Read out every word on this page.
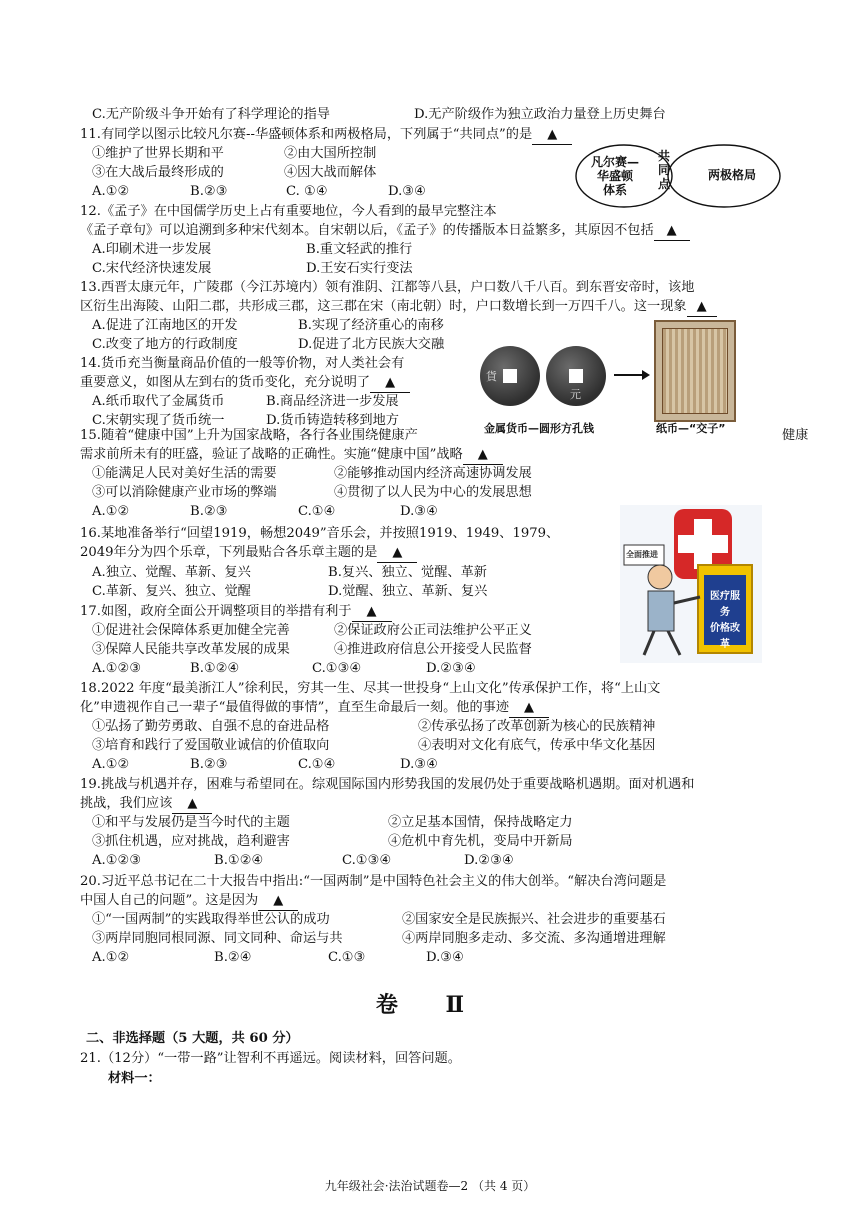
C.无产阶级斗争开始有了科学理论的指导	D.无产阶级作为独立政治力量登上历史舞台
11.有同学以图示比较凡尔赛--华盛顿体系和两极格局，下列属于“共同点”的是 ▲
①维护了世界长期和平	②由大国所控制
③在大战后最终形成的	④因大战而解体
A.①②	B.②③	C. ①④	D.③④
凡尔赛—
华盛顿
体系
共
同
点
两极格局
12.《孟子》在中国儒学历史上占有重要地位，今人看到的最早完整注本
《孟子章句》可以追溯到多种宋代刻本。自宋朝以后，《孟子》的传播版本日益繁多，其原因不包括 ▲
A.印刷术进一步发展	B.重文轻武的推行
C.宋代经济快速发展	D.王安石实行变法
13.西晋太康元年，广陵郡（今江苏境内）领有淮阴、江都等八县，户口数八千八百。到东晋安帝时，该地
区衍生出海陵、山阳二郡，共形成三郡，这三郡在宋（南北朝）时，户口数增长到一万四千八。这一现象 ▲
A.促进了江南地区的开发	B.实现了经济重心的南移
C.改变了地方的行政制度	D.促进了北方民族大交融
14.货币充当衡量商品价值的一般等价物，对人类社会有
重要意义，如图从左到右的货币变化，充分说明了 ▲
A.纸币取代了金属货币	B.商品经济进一步发展
C.宋朝实现了货币统一	D.货币铸造转移到地方
貨
元
金属货币—圆形方孔钱	纸币—“交子”
15.随着“健康中国”上升为国家战略，各行各业围绕健康产	健康
需求前所未有的旺盛，验证了战略的正确性。实施“健康中国”战略 ▲
①能满足人民对美好生活的需要	②能够推动国内经济高速协调发展
③可以消除健康产业市场的弊端	④贯彻了以人民为中心的发展思想
A.①②	B.②③	C.①④	D.③④
16.某地准备举行“回望1919，畅想2049”音乐会，并按照1919、1949、1979、
2049年分为四个乐章，下列最贴合各乐章主题的是 ▲
A.独立、觉醒、革新、复兴	B.复兴、独立、觉醒、革新
C.革新、复兴、独立、觉醒	D.觉醒、独立、革新、复兴
全面推进
医疗服务
价格改革
17.如图，政府全面公开调整项目的举措有利于 ▲
①促进社会保障体系更加健全完善	②保证政府公正司法维护公平正义
③保障人民能共享改革发展的成果	④推进政府信息公开接受人民监督
A.①②③	B.①②④	C.①③④	D.②③④
18.2022 年度“最美浙江人”徐利民，穷其一生、尽其一世投身“上山文化”传承保护工作，将“上山文
化”申遗视作自己一辈子“最值得做的事情”，直至生命最后一刻。他的事迹 ▲
①弘扬了勤劳勇敢、自强不息的奋进品格	②传承弘扬了改革创新为核心的民族精神
③培育和践行了爱国敬业诚信的价值取向	④表明对文化有底气，传承中华文化基因
A.①②	B.②③	C.①④	D.③④
19.挑战与机遇并存，困难与希望同在。综观国际国内形势我国的发展仍处于重要战略机遇期。面对机遇和
挑战，我们应该 ▲
①和平与发展仍是当今时代的主题	②立足基本国情，保持战略定力
③抓住机遇，应对挑战，趋利避害	④危机中育先机，变局中开新局
A.①②③	B.①②④	C.①③④	D.②③④
20.习近平总书记在二十大报告中指出:“一国两制”是中国特色社会主义的伟大创举。“解决台湾问题是
中国人自己的问题”。这是因为 ▲
①“一国两制”的实践取得举世公认的成功	②国家安全是民族振兴、社会进步的重要基石
③两岸同胞同根同源、同文同种、命运与共	④两岸同胞多走动、多交流、多沟通增进理解
A.①②	B.②④	C.①③	D.③④
卷 Ⅱ
二、非选择题（5 大题，共 60 分）
21.（12分）“一带一路”让智利不再遥远。阅读材料，回答问题。
材料一：
九年级社会·法治试题卷—2 （共 4 页）
